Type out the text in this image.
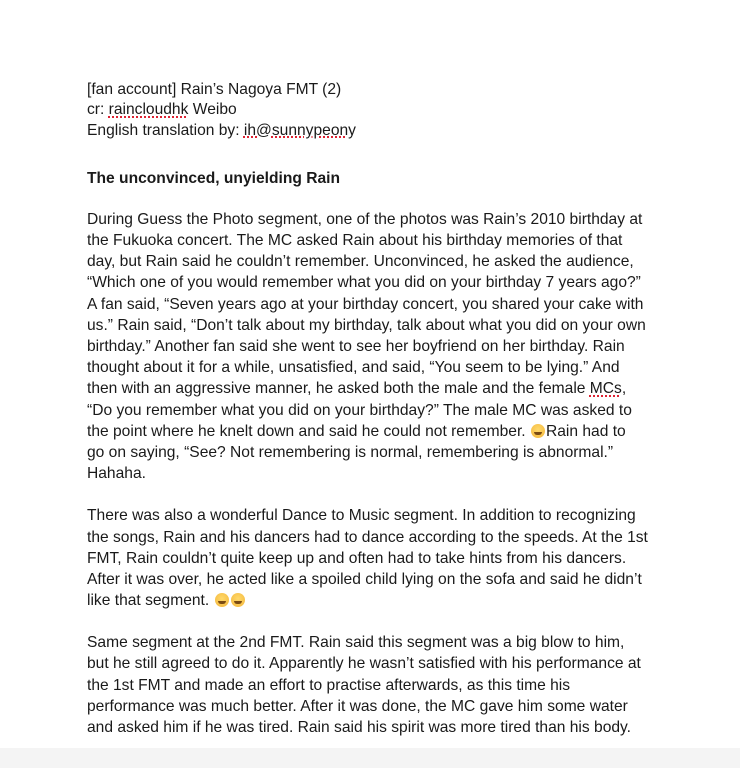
[fan account] Rain’s Nagoya FMT (2)
cr: raincloudhk Weibo
English translation by: ih@sunnypeony
The unconvinced, unyielding Rain
During Guess the Photo segment, one of the photos was Rain’s 2010 birthday at
the Fukuoka concert. The MC asked Rain about his birthday memories of that
day, but Rain said he couldn’t remember. Unconvinced, he asked the audience,
“Which one of you would remember what you did on your birthday 7 years ago?”
A fan said, “Seven years ago at your birthday concert, you shared your cake with
us.” Rain said, “Don’t talk about my birthday, talk about what you did on your own
birthday.” Another fan said she went to see her boyfriend on her birthday. Rain
thought about it for a while, unsatisfied, and said, “You seem to be lying.” And
then with an aggressive manner, he asked both the male and the female MCs,
“Do you remember what you did on your birthday?” The male MC was asked to
the point where he knelt down and said he could not remember. Rain had to
go on saying, “See? Not remembering is normal, remembering is abnormal.”
Hahaha.
There was also a wonderful Dance to Music segment. In addition to recognizing
the songs, Rain and his dancers had to dance according to the speeds. At the 1st
FMT, Rain couldn’t quite keep up and often had to take hints from his dancers.
After it was over, he acted like a spoiled child lying on the sofa and said he didn’t
like that segment.
Same segment at the 2nd FMT. Rain said this segment was a big blow to him,
but he still agreed to do it. Apparently he wasn’t satisfied with his performance at
the 1st FMT and made an effort to practise afterwards, as this time his
performance was much better. After it was done, the MC gave him some water
and asked him if he was tired. Rain said his spirit was more tired than his body.
